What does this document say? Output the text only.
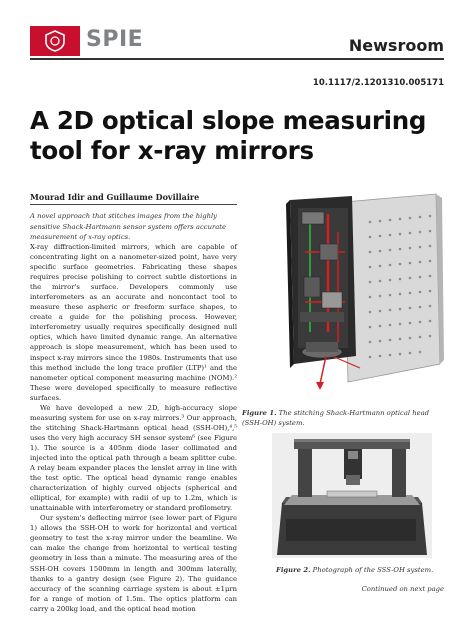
SPIE	Newsroom
10.1117/2.1201310.005171
A 2D optical slope measuring tool for x-ray mirrors
Mourad Idir and Guillaume Dovillaire

A novel approach that stitches images from the highly sensitive Shack-Hartmann sensor system offers accurate measurement of x-ray optics.

X-ray diffraction-limited mirrors, which are capable of concentrating light on a nanometer-sized point, have very specific surface geometries. Fabricating these shapes requires precise polishing to correct subtle distortions in the mirror's surface. Developers commonly use interferometers as an accurate and noncontact tool to measure these aspheric or freeform surface shapes, to create a guide for the polishing process. However, interferometry usually requires specifically designed null optics, which have limited dynamic range. An alternative approach is slope measurement, which has been used to inspect x-ray mirrors since the 1980s. Instruments that use this method include the long trace profiler (LTP)¹ and the nanometer optical component measuring machine (NOM).² These were developed specifically to measure reflective surfaces.

We have developed a new 2D, high-accuracy slope measuring system for use on x-ray mirrors.³ Our approach, the stitching Shack-Hartmann optical head (SSH-OH),⁴,⁵ uses the very high accuracy SH sensor system⁶ (see Figure 1). The source is a 405nm diode laser collimated and injected into the optical path through a beam splitter cube. A relay beam expander places the lenslet array in line with the test optic. The optical head dynamic range enables characterization of highly curved objects (spherical and elliptical, for example) with radii of up to 1.2m, which is unattainable with interferometry or standard profilometry.

Our system's deflecting mirror (see lower part of Figure 1) allows the SSH-OH to work for horizontal and vertical geometry to test the x-ray mirror under the beamline. We can make the change from horizontal to vertical testing geometry in less than a minute. The measuring area of the SSH-OH covers 1500mm in length and 300mm laterally, thanks to a gantry design (see Figure 2). The guidance accuracy of the scanning carriage system is about ±1μrn for a range of motion of 1.5m. The optics platform can carry a 200kg load, and the optical head motion

Figure 1. The stitching Shack-Hartmann optical head (SSH-OH) system.
Figure 2. Photograph of the SSS-OH system.
Continued on next page
